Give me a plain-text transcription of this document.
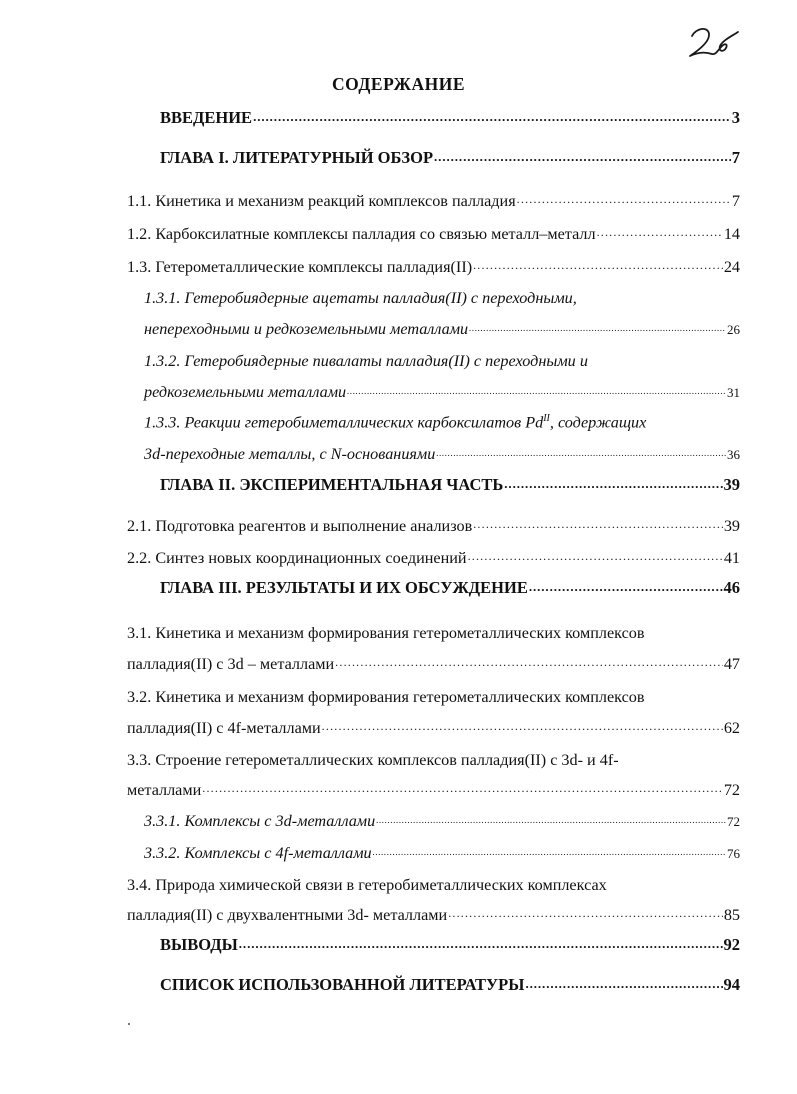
СОДЕРЖАНИЕ
ВВЕДЕНИЕ .....	3
ГЛАВА I. ЛИТЕРАТУРНЫЙ ОБЗОР .....	7
1.1. Кинетика и механизм реакций комплексов палладия .....	7
1.2. Карбоксилатные комплексы палладия со связью металл–металл .....	14
1.3. Гетерометаллические комплексы палладия(II) .....	24
1.3.1. Гетеробиядерные ацетаты палладия(II) с переходными,
непереходными и редкоземельными металлами .....	26
1.3.2. Гетеробиядерные пивалаты палладия(II) с переходными и
редкоземельными металлами .....	31
1.3.3. Реакции гетеробиметаллических карбоксилатов $Pd^{II}$, содержащих
3d-переходные металлы, с N-основаниями .....	36
ГЛАВА II. ЭКСПЕРИМЕНТАЛЬНАЯ ЧАСТЬ .....	39
2.1. Подготовка реагентов и выполнение анализов .....	39
2.2. Синтез новых координационных соединений .....	41
ГЛАВА III. РЕЗУЛЬТАТЫ И ИХ ОБСУЖДЕНИЕ .....	46
3.1. Кинетика и механизм формирования гетерометаллических комплексов
палладия(II) с 3d – металлами .....	47
3.2. Кинетика и механизм формирования гетерометаллических комплексов
палладия(II) с 4f-металлами .....	62
3.3. Строение гетерометаллических комплексов палладия(II) с 3d- и 4f-
металлами .....	72
3.3.1. Комплексы с 3d-металлами .....	72
3.3.2. Комплексы с 4f-металлами .....	76
3.4. Природа химической связи в гетеробиметаллических комплексах
палладия(II) с двухвалентными 3d- металлами .....	85
ВЫВОДЫ .....	92
СПИСОК ИСПОЛЬЗОВАННОЙ ЛИТЕРАТУРЫ .....	94
